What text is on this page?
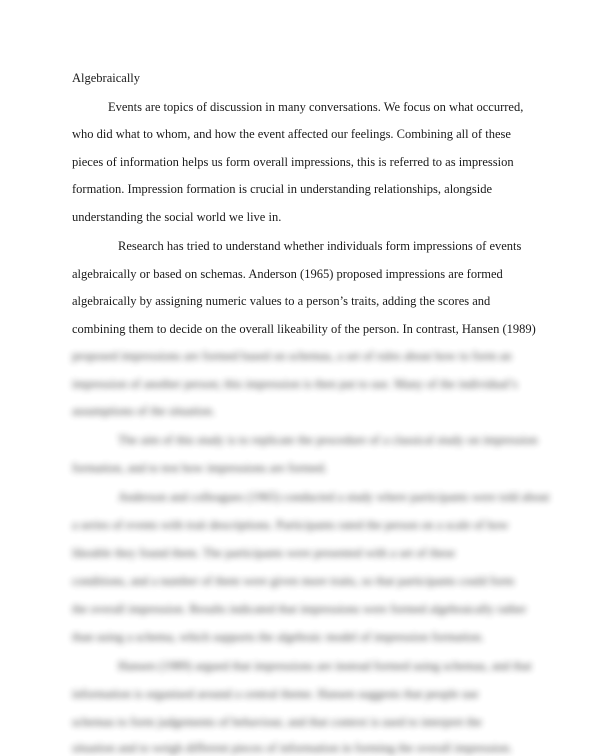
Algebraically
Events are topics of discussion in many conversations. We focus on what occurred,
who did what to whom, and how the event affected our feelings. Combining all of these
pieces of information helps us form overall impressions, this is referred to as impression
formation. Impression formation is crucial in understanding relationships, alongside
understanding the social world we live in.
Research has tried to understand whether individuals form impressions of events
algebraically or based on schemas. Anderson (1965) proposed impressions are formed
algebraically by assigning numeric values to a person’s traits, adding the scores and
combining them to decide on the overall likeability of the person. In contrast, Hansen (1989)
proposed impressions are formed based on schemas, a set of rules about how to form an
impression of another person; this impression is then put to use. Many of the individual’s
assumptions of the situation.
The aim of this study is to replicate the procedure of a classical study on impression
formation, and to test how impressions are formed.
Anderson and colleagues (1965) conducted a study where participants were told about
a series of events with trait descriptions. Participants rated the person on a scale of how
likeable they found them. The participants were presented with a set of these
conditions, and a number of them were given more traits, so that participants could form
the overall impression. Results indicated that impressions were formed algebraically rather
than using a schema, which supports the algebraic model of impression formation.
Hansen (1989) argued that impressions are instead formed using schemas, and that
information is organised around a central theme. Hansen suggests that people use
schemas to form judgements of behaviour, and that context is used to interpret the
situation and to weigh different pieces of information in forming the overall impression.
